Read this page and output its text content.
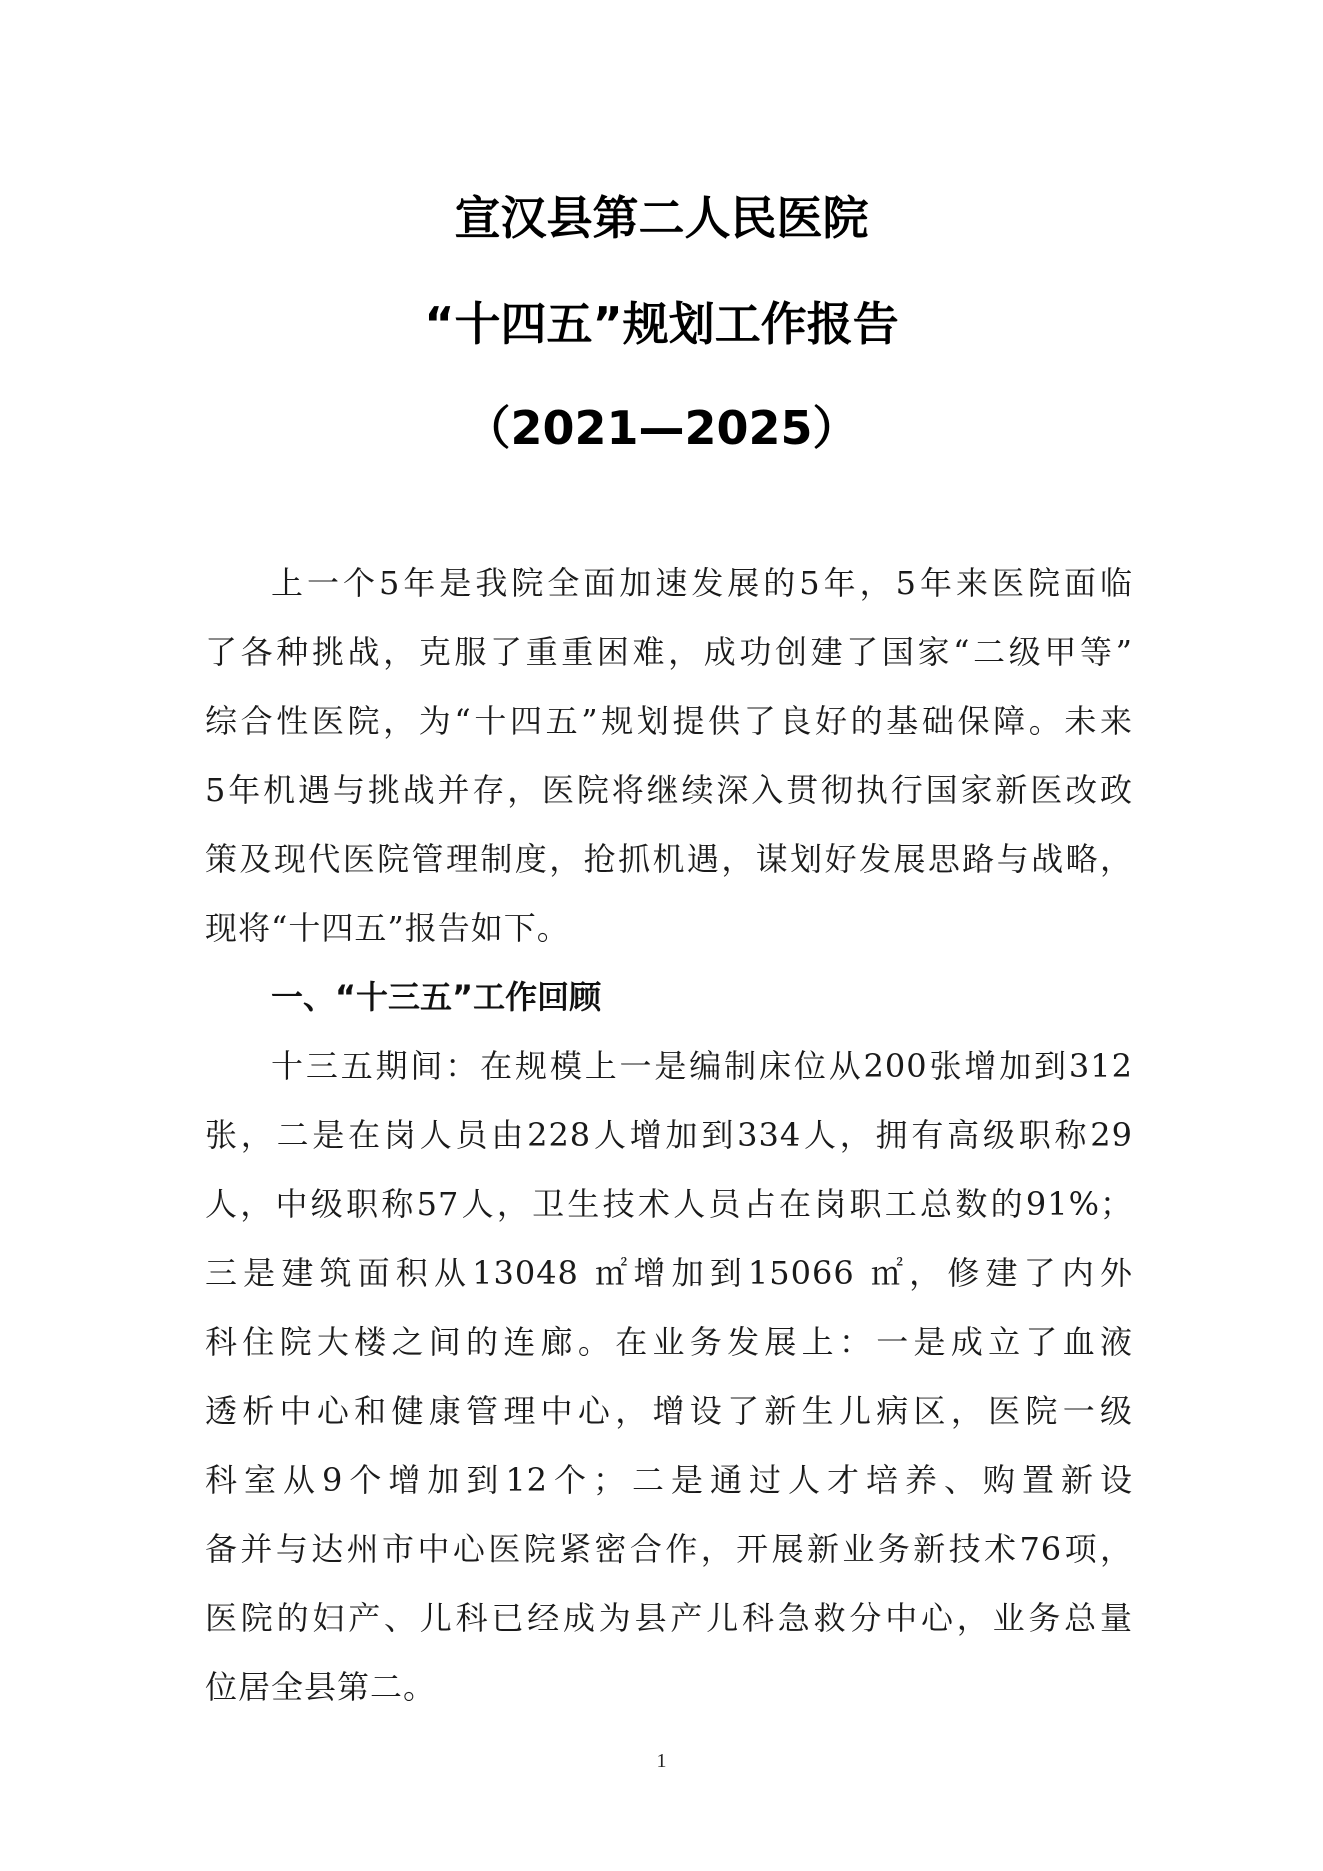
宣汉县第二人民医院
“十四五”规划工作报告
（2021—2025）
上一个5年是我院全面加速发展的5年，5年来医院面临
了各种挑战，克服了重重困难，成功创建了国家“二级甲等”
综合性医院，为“十四五”规划提供了良好的基础保障。未来
5年机遇与挑战并存，医院将继续深入贯彻执行国家新医改政
策及现代医院管理制度，抢抓机遇，谋划好发展思路与战略，
现将“十四五”报告如下。
一、“十三五”工作回顾
十三五期间：在规模上一是编制床位从200张增加到312
张，二是在岗人员由228人增加到334人，拥有高级职称29
人，中级职称57人，卫生技术人员占在岗职工总数的91%；
三是建筑面积从13048 ㎡增加到15066 ㎡，修建了内外
科住院大楼之间的连廊。在业务发展上：一是成立了血液
透析中心和健康管理中心，增设了新生儿病区，医院一级
科室从9个增加到12个；二是通过人才培养、购置新设
备并与达州市中心医院紧密合作，开展新业务新技术76项，
医院的妇产、儿科已经成为县产儿科急救分中心，业务总量
位居全县第二。
1
